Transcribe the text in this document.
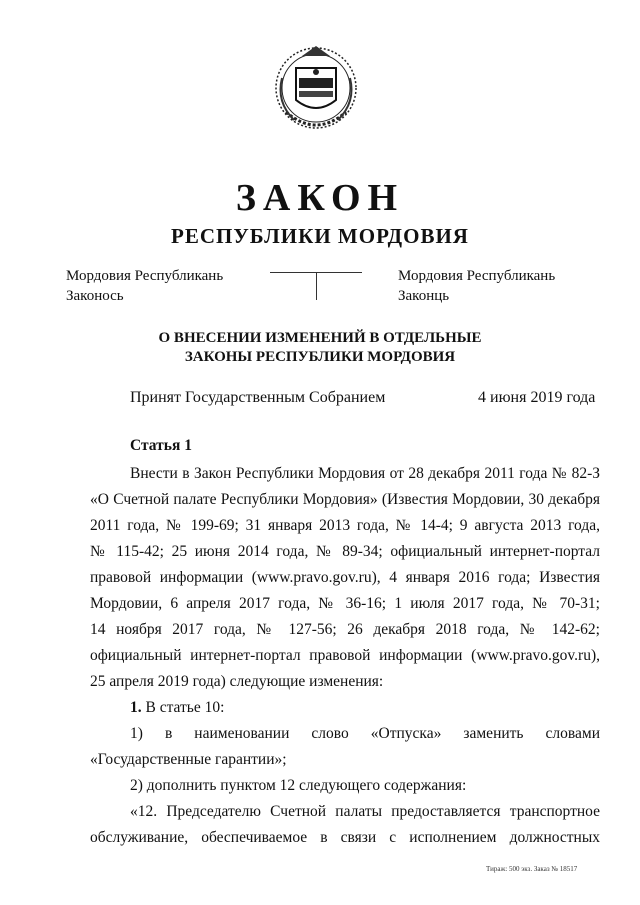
ЗАКОН
РЕСПУБЛИКИ МОРДОВИЯ
Мордовия Республикань
Законось
Мордовия Республикань
Законць
О ВНЕСЕНИИ ИЗМЕНЕНИЙ В ОТДЕЛЬНЫЕ
ЗАКОНЫ РЕСПУБЛИКИ МОРДОВИЯ
Принят Государственным Собранием	4 июня 2019 года
Статья 1
Внести в Закон Республики Мордовия от 28 декабря 2011 года № 82-З
«О Счетной палате Республики Мордовия» (Известия Мордовии, 30 декабря
2011 года, № 199-69; 31 января 2013 года, № 14-4; 9 августа 2013 года,
№ 115-42; 25 июня 2014 года, № 89-34; официальный интернет-портал
правовой информации (www.pravo.gov.ru), 4 января 2016 года; Известия
Мордовии, 6 апреля 2017 года, № 36-16; 1 июля 2017 года, № 70-31;
14 ноября 2017 года, № 127-56; 26 декабря 2018 года, № 142-62;
официальный интернет-портал правовой информации (www.pravo.gov.ru),
25 апреля 2019 года) следующие изменения:
1. В статье 10:
1) в наименовании слово «Отпуска» заменить словами
«Государственные гарантии»;
2) дополнить пунктом 12 следующего содержания:
«12. Председателю Счетной палаты предоставляется транспортное
обслуживание, обеспечиваемое в связи с исполнением должностных
Тираж: 500 экз. Заказ № 18517
